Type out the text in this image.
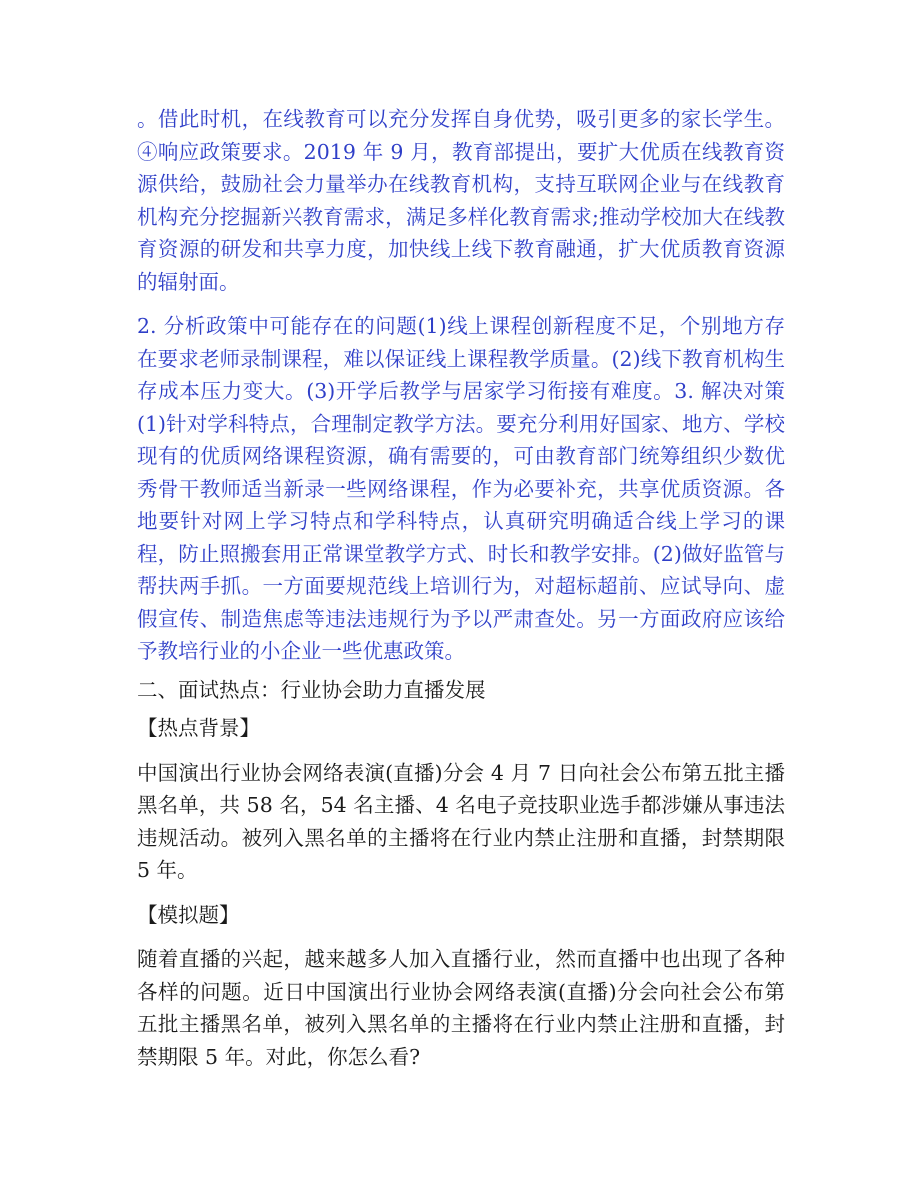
。借此时机，在线教育可以充分发挥自身优势，吸引更多的家长学生。④响应政策要求。2019 年 9 月，教育部提出，要扩大优质在线教育资源供给，鼓励社会力量举办在线教育机构，支持互联网企业与在线教育机构充分挖掘新兴教育需求，满足多样化教育需求;推动学校加大在线教育资源的研发和共享力度，加快线上线下教育融通，扩大优质教育资源的辐射面。

2. 分析政策中可能存在的问题(1)线上课程创新程度不足，个别地方存在要求老师录制课程，难以保证线上课程教学质量。(2)线下教育机构生存成本压力变大。(3)开学后教学与居家学习衔接有难度。3. 解决对策(1)针对学科特点，合理制定教学方法。要充分利用好国家、地方、学校现有的优质网络课程资源，确有需要的，可由教育部门统筹组织少数优秀骨干教师适当新录一些网络课程，作为必要补充，共享优质资源。各地要针对网上学习特点和学科特点，认真研究明确适合线上学习的课程，防止照搬套用正常课堂教学方式、时长和教学安排。(2)做好监管与帮扶两手抓。一方面要规范线上培训行为，对超标超前、应试导向、虚假宣传、制造焦虑等违法违规行为予以严肃查处。另一方面政府应该给予教培行业的小企业一些优惠政策。

二、面试热点：行业协会助力直播发展

【热点背景】

中国演出行业协会网络表演(直播)分会 4 月 7 日向社会公布第五批主播黑名单，共 58 名，54 名主播、4 名电子竞技职业选手都涉嫌从事违法违规活动。被列入黑名单的主播将在行业内禁止注册和直播，封禁期限 5 年。

【模拟题】

随着直播的兴起，越来越多人加入直播行业，然而直播中也出现了各种各样的问题。近日中国演出行业协会网络表演(直播)分会向社会公布第五批主播黑名单，被列入黑名单的主播将在行业内禁止注册和直播，封禁期限 5 年。对此，你怎么看?
